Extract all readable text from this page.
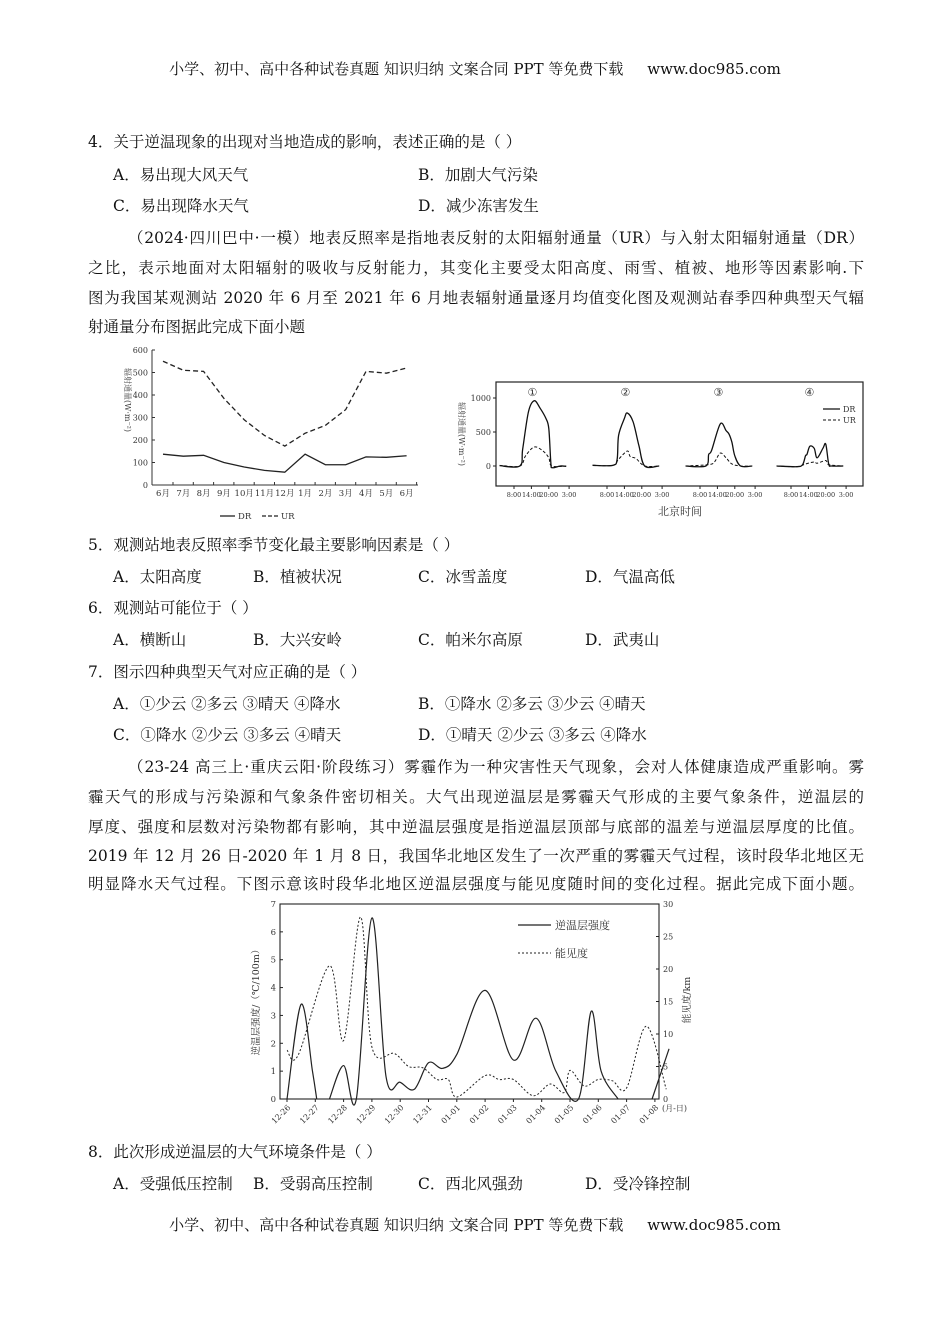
小学、初中、高中各种试卷真题 知识归纳 文案合同 PPT 等免费下载 www.doc985.com
4．关于逆温现象的出现对当地造成的影响，表述正确的是（ ）
A．易出现大风天气	B．加剧大气污染
C．易出现降水天气	D．减少冻害发生
（2024·四川巴中·一模）地表反照率是指地表反射的太阳辐射通量（UR）与入射太阳辐射通量（DR）
之比，表示地面对太阳辐射的吸收与反射能力，其变化主要受太阳高度、雨雪、植被、地形等因素影响.下
图为我国某观测站 2020 年 6 月至 2021 年 6 月地表辐射通量逐月均值变化图及观测站春季四种典型天气辐
射通量分布图据此完成下面小题
0
100
200
300
400
500
600
6月 7月 8月 9月 10月 11月 12月 1月 2月 3月 4月 5月 6月
辐射通量(W·m⁻²)
DR	UR
0
500
1000
辐射通量(W·m⁻²)
8:00 14:00
20:00 3:00
①
8:00 14:00
20:00 3:00
②
8:00 14:00
20:00 3:00
③
8:00 14:00
20:00 3:00
④
DR
UR
北京时间
0
1
2
3
4
5
6
7
0
5
10
15
20
25
30
12-26 12-27 12-28 12-29 12-30 12-31 01-01 01-02 01-03 01-04 01-05 01-06 01-07 01-08 (月-日)
逆温层强度/（℃/100m）	能见度/km
逆温层强度
能见度
5．观测站地表反照率季节变化最主要影响因素是（ ）
A．太阳高度	B．植被状况	C．冰雪盖度	D．气温高低
6．观测站可能位于（ ）
A．横断山	B．大兴安岭	C．帕米尔高原	D．武夷山
7．图示四种典型天气对应正确的是（ ）
A．①少云 ②多云 ③晴天 ④降水	B．①降水 ②多云 ③少云 ④晴天
C．①降水 ②少云 ③多云 ④晴天	D．①晴天 ②少云 ③多云 ④降水
（23-24 高三上·重庆云阳·阶段练习）雾霾作为一种灾害性天气现象，会对人体健康造成严重影响。雾
霾天气的形成与污染源和气象条件密切相关。大气出现逆温层是雾霾天气形成的主要气象条件，逆温层的
厚度、强度和层数对污染物都有影响，其中逆温层强度是指逆温层顶部与底部的温差与逆温层厚度的比值。
2019 年 12 月 26 日-2020 年 1 月 8 日，我国华北地区发生了一次严重的雾霾天气过程，该时段华北地区无
明显降水天气过程。下图示意该时段华北地区逆温层强度与能见度随时间的变化过程。据此完成下面小题。
8．此次形成逆温层的大气环境条件是（ ）
A．受强低压控制 B．受弱高压控制	C．西北风强劲	D．受冷锋控制
小学、初中、高中各种试卷真题 知识归纳 文案合同 PPT 等免费下载 www.doc985.com
